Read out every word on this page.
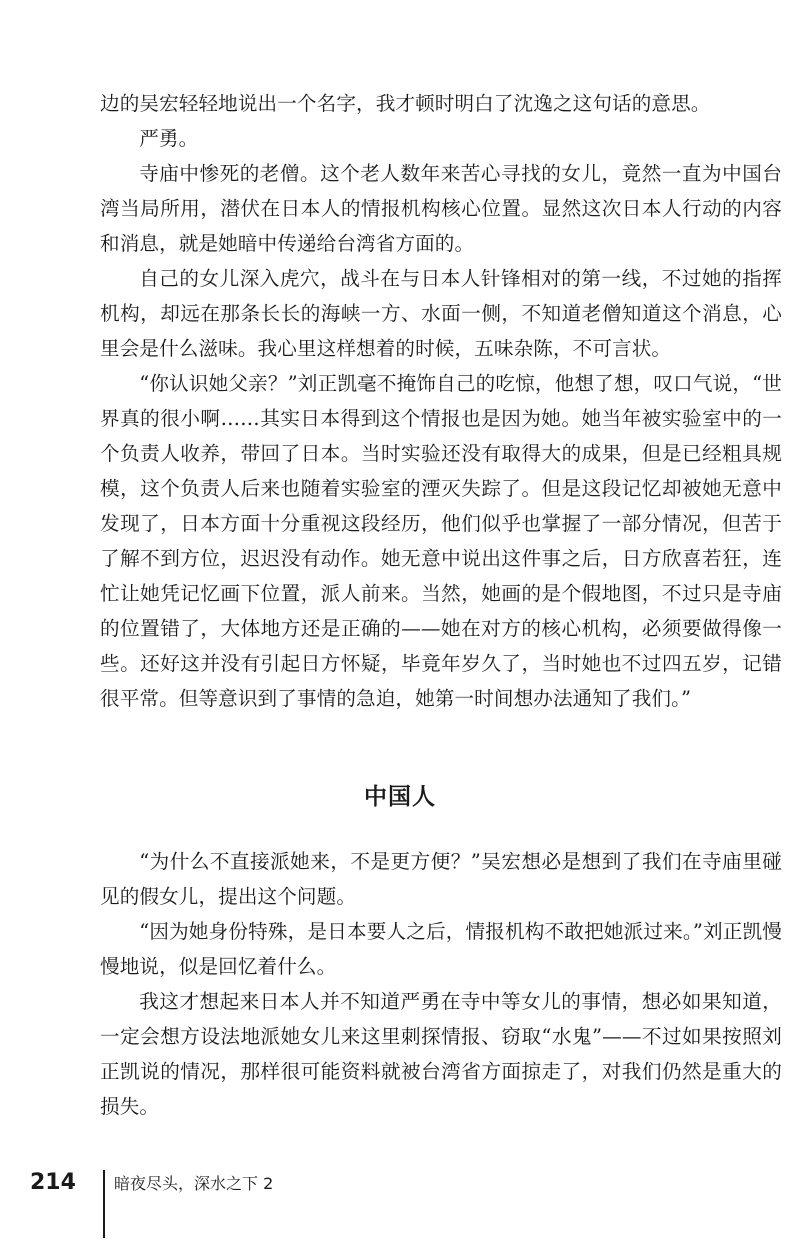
边的吴宏轻轻地说出一个名字，我才顿时明白了沈逸之这句话的意思。

严勇。

寺庙中惨死的老僧。这个老人数年来苦心寻找的女儿，竟然一直为中国台湾当局所用，潜伏在日本人的情报机构核心位置。显然这次日本人行动的内容和消息，就是她暗中传递给台湾省方面的。

自己的女儿深入虎穴，战斗在与日本人针锋相对的第一线，不过她的指挥机构，却远在那条长长的海峡一方、水面一侧，不知道老僧知道这个消息，心里会是什么滋味。我心里这样想着的时候，五味杂陈，不可言状。

“你认识她父亲？”刘正凯毫不掩饰自己的吃惊，他想了想，叹口气说，“世界真的很小啊……其实日本得到这个情报也是因为她。她当年被实验室中的一个负责人收养，带回了日本。当时实验还没有取得大的成果，但是已经粗具规模，这个负责人后来也随着实验室的湮灭失踪了。但是这段记忆却被她无意中发现了，日本方面十分重视这段经历，他们似乎也掌握了一部分情况，但苦于了解不到方位，迟迟没有动作。她无意中说出这件事之后，日方欣喜若狂，连忙让她凭记忆画下位置，派人前来。当然，她画的是个假地图，不过只是寺庙的位置错了，大体地方还是正确的——她在对方的核心机构，必须要做得像一些。还好这并没有引起日方怀疑，毕竟年岁久了，当时她也不过四五岁，记错很平常。但等意识到了事情的急迫，她第一时间想办法通知了我们。”

中国人

“为什么不直接派她来，不是更方便？”吴宏想必是想到了我们在寺庙里碰见的假女儿，提出这个问题。

“因为她身份特殊，是日本要人之后，情报机构不敢把她派过来。”刘正凯慢慢地说，似是回忆着什么。

我这才想起来日本人并不知道严勇在寺中等女儿的事情，想必如果知道，一定会想方设法地派她女儿来这里刺探情报、窃取“水鬼”——不过如果按照刘正凯说的情况，那样很可能资料就被台湾省方面掠走了，对我们仍然是重大的损失。

214 暗夜尽头，深水之下 2
